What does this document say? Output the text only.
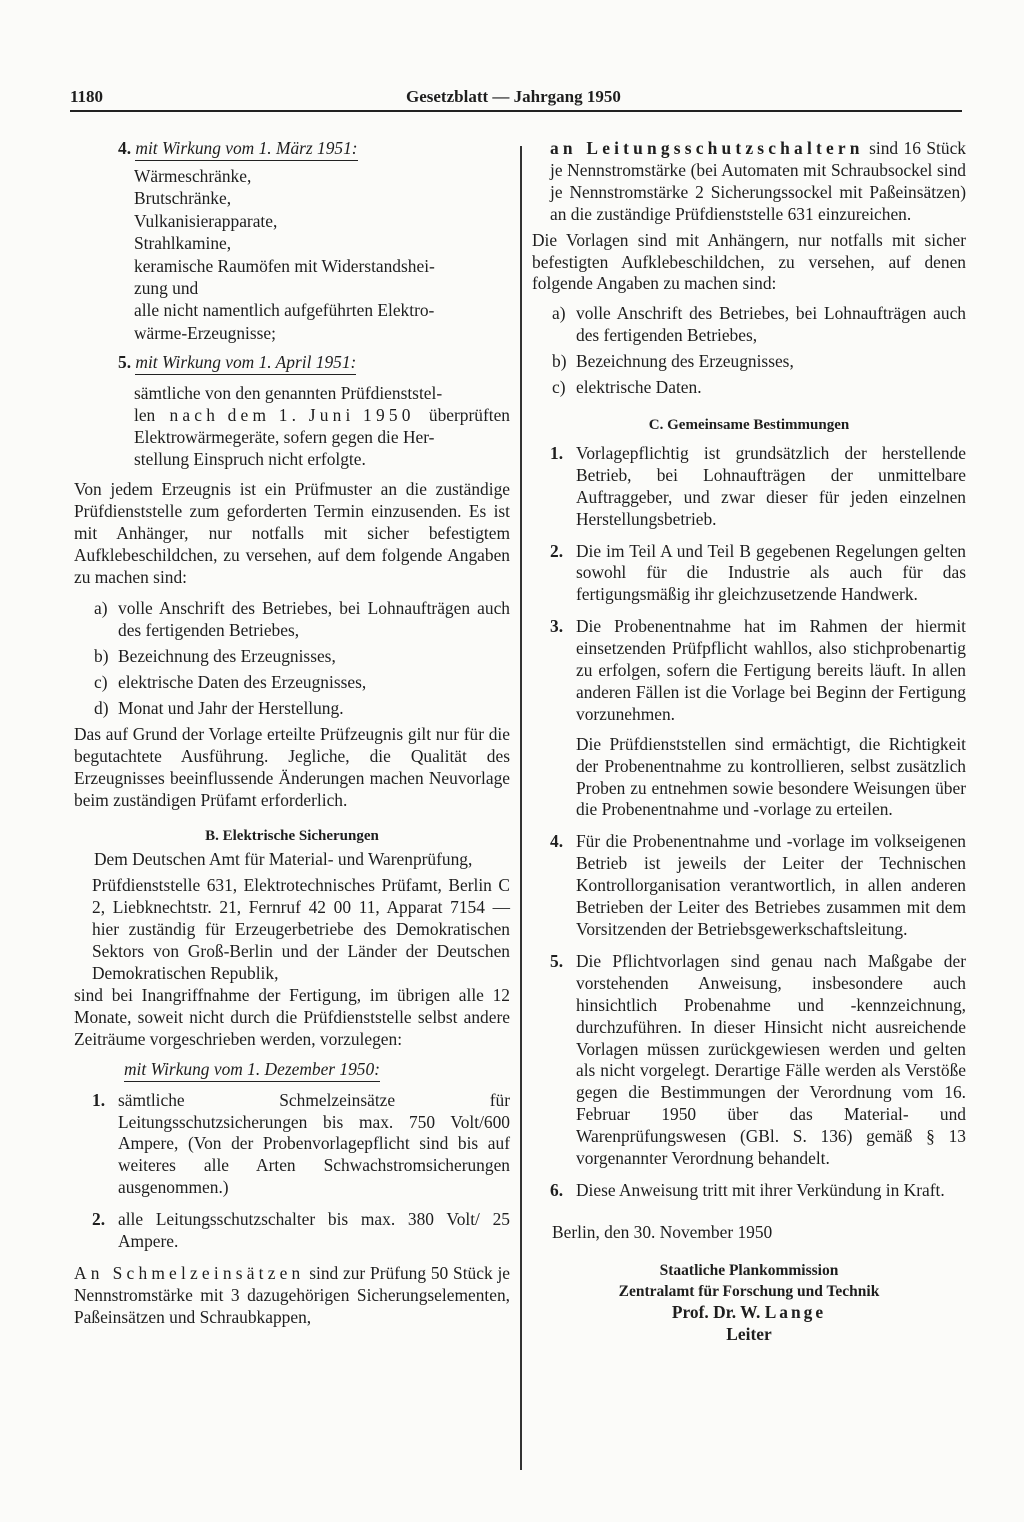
1180	Gesetzblatt — Jahrgang 1950
4. mit Wirkung vom 1. März 1951:
Wärmeschränke,
Brutschränke,
Vulkanisierapparate,
Strahlkamine,
keramische Raumöfen mit Widerstandshei-
zung und
alle nicht namentlich aufgeführten Elektro-
wärme-Erzeugnisse;
5. mit Wirkung vom 1. April 1951:
sämtliche von den genannten Prüfdienststel-
len nach dem 1. Juni 1950 überprüften
Elektrowärmegeräte, sofern gegen die Her-
stellung Einspruch nicht erfolgte.

Von jedem Erzeugnis ist ein Prüfmuster an die zuständige Prüfdienststelle zum geforderten Termin einzusenden. Es ist mit Anhänger, nur notfalls mit sicher befestigtem Aufklebeschildchen, zu versehen, auf dem folgende Angaben zu machen sind:

a) volle Anschrift des Betriebes, bei Lohnaufträgen auch des fertigenden Betriebes,
b) Bezeichnung des Erzeugnisses,
c) elektrische Daten des Erzeugnisses,
d) Monat und Jahr der Herstellung.

Das auf Grund der Vorlage erteilte Prüfzeugnis gilt nur für die begutachtete Ausführung. Jegliche, die Qualität des Erzeugnisses beeinflussende Änderungen machen Neuvorlage beim zuständigen Prüfamt erforderlich.

B. Elektrische Sicherungen

Dem Deutschen Amt für Material- und Warenprüfung,

Prüfdienststelle 631, Elektrotechnisches Prüfamt, Berlin C 2, Liebknechtstr. 21, Fernruf 42 00 11, Apparat 7154 — hier zuständig für Erzeugerbetriebe des Demokratischen Sektors von Groß-Berlin und der Länder der Deutschen Demokratischen Republik,

sind bei Inangriffnahme der Fertigung, im übrigen alle 12 Monate, soweit nicht durch die Prüfdienststelle selbst andere Zeiträume vorgeschrieben werden, vorzulegen:

mit Wirkung vom 1. Dezember 1950:
1. sämtliche Schmelzeinsätze für Leitungsschutzsicherungen bis max. 750 Volt/600 Ampere, (Von der Probenvorlagepflicht sind bis auf weiteres alle Arten Schwachstromsicherungen ausgenommen.)
2. alle Leitungsschutzschalter bis max. 380 Volt/ 25 Ampere.

An Schmelzeinsätzen sind zur Prüfung 50 Stück je Nennstromstärke mit 3 dazugehörigen Sicherungselementen, Paßeinsätzen und Schraubkappen,

an Leitungsschutzschaltern sind 16 Stück je Nennstromstärke (bei Automaten mit Schraubsockel sind je Nennstromstärke 2 Sicherungssockel mit Paßeinsätzen) an die zuständige Prüfdienststelle 631 einzureichen.

Die Vorlagen sind mit Anhängern, nur notfalls mit sicher befestigten Aufklebeschildchen, zu versehen, auf denen folgende Angaben zu machen sind:

a) volle Anschrift des Betriebes, bei Lohnaufträgen auch des fertigenden Betriebes,
b) Bezeichnung des Erzeugnisses,
c) elektrische Daten.
C. Gemeinsame Bestimmungen
1. Vorlagepflichtig ist grundsätzlich der herstellende Betrieb, bei Lohnaufträgen der unmittelbare Auftraggeber, und zwar dieser für jeden einzelnen Herstellungsbetrieb.
2. Die im Teil A und Teil B gegebenen Regelungen gelten sowohl für die Industrie als auch für das fertigungsmäßig ihr gleichzusetzende Handwerk.
3. Die Probenentnahme hat im Rahmen der hiermit einsetzenden Prüfpflicht wahllos, also stichprobenartig zu erfolgen, sofern die Fertigung bereits läuft. In allen anderen Fällen ist die Vorlage bei Beginn der Fertigung vorzunehmen.
Die Prüfdienststellen sind ermächtigt, die Richtigkeit der Probenentnahme zu kontrollieren, selbst zusätzlich Proben zu entnehmen sowie besondere Weisungen über die Probenentnahme und -vorlage zu erteilen.
4. Für die Probenentnahme und -vorlage im volkseigenen Betrieb ist jeweils der Leiter der Technischen Kontrollorganisation verantwortlich, in allen anderen Betrieben der Leiter des Betriebes zusammen mit dem Vorsitzenden der Betriebsgewerkschaftsleitung.
5. Die Pflichtvorlagen sind genau nach Maßgabe der vorstehenden Anweisung, insbesondere auch hinsichtlich Probenahme und -kennzeichnung, durchzuführen. In dieser Hinsicht nicht ausreichende Vorlagen müssen zurückgewiesen werden und gelten als nicht vorgelegt. Derartige Fälle werden als Verstöße gegen die Bestimmungen der Verordnung vom 16. Februar 1950 über das Material- und Warenprüfungswesen (GBl. S. 136) gemäß § 13 vorgenannter Verordnung behandelt.
6. Diese Anweisung tritt mit ihrer Verkündung in Kraft.

Berlin, den 30. November 1950

Staatliche Plankommission
Zentralamt für Forschung und Technik
Prof. Dr. W. Lange
Leiter
